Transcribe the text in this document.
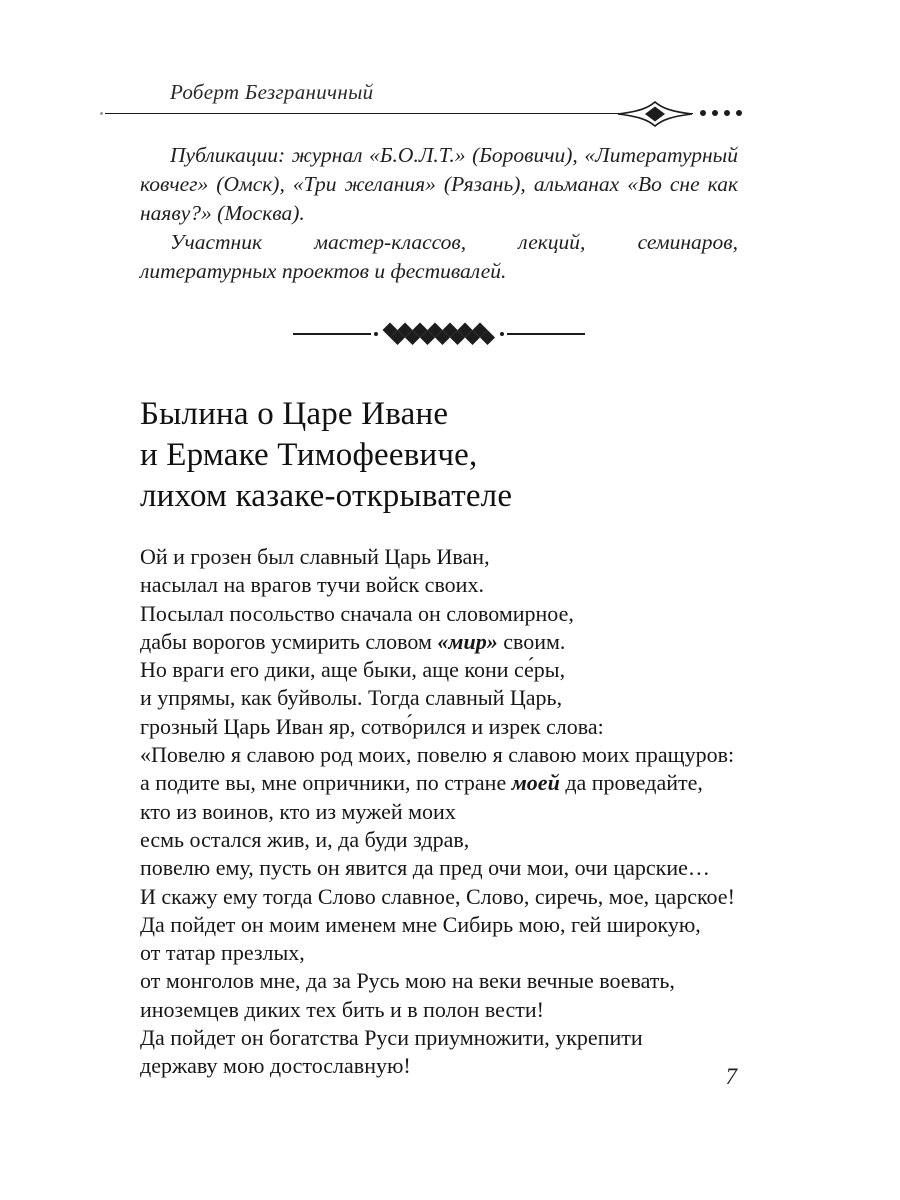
Роберт Безграничный

Публикации: журнал «Б.О.Л.Т.» (Боровичи), «Литературный ковчег» (Омск), «Три желания» (Рязань), альманах «Во сне как наяву?» (Москва).

Участник мастер-классов, лекций, семинаров, литературных проектов и фестивалей.

Былина о Царе Иване
и Ермаке Тимофеевиче,
лихом казаке-открывателе
Ой и грозен был славный Царь Иван,
насылал на врагов тучи войск своих.
Посылал посольство сначала он словомирное,
дабы ворогов усмирить словом «мир» своим.
Но враги его дики, аще быки, аще кони се́ры,
и упрямы, как буйволы. Тогда славный Царь,
грозный Царь Иван яр, сотво́рился и изрек слова:
«Повелю я славою род моих, повелю я славою моих пращуров:
а подите вы, мне опричники, по стране моей да проведайте,
кто из воинов, кто из мужей моих
есмь остался жив, и, да буди здрав,
повелю ему, пусть он явится да пред очи мои, очи царские…
И скажу ему тогда Слово славное, Слово, сиречь, мое, царское!
Да пойдет он моим именем мне Сибирь мою, гей широкую,
от татар презлых,
от монголов мне, да за Русь мою на веки вечные воевать,
иноземцев диких тех бить и в полон вести!
Да пойдет он богатства Руси приумножити, укрепити
державу мою достославную!	7
